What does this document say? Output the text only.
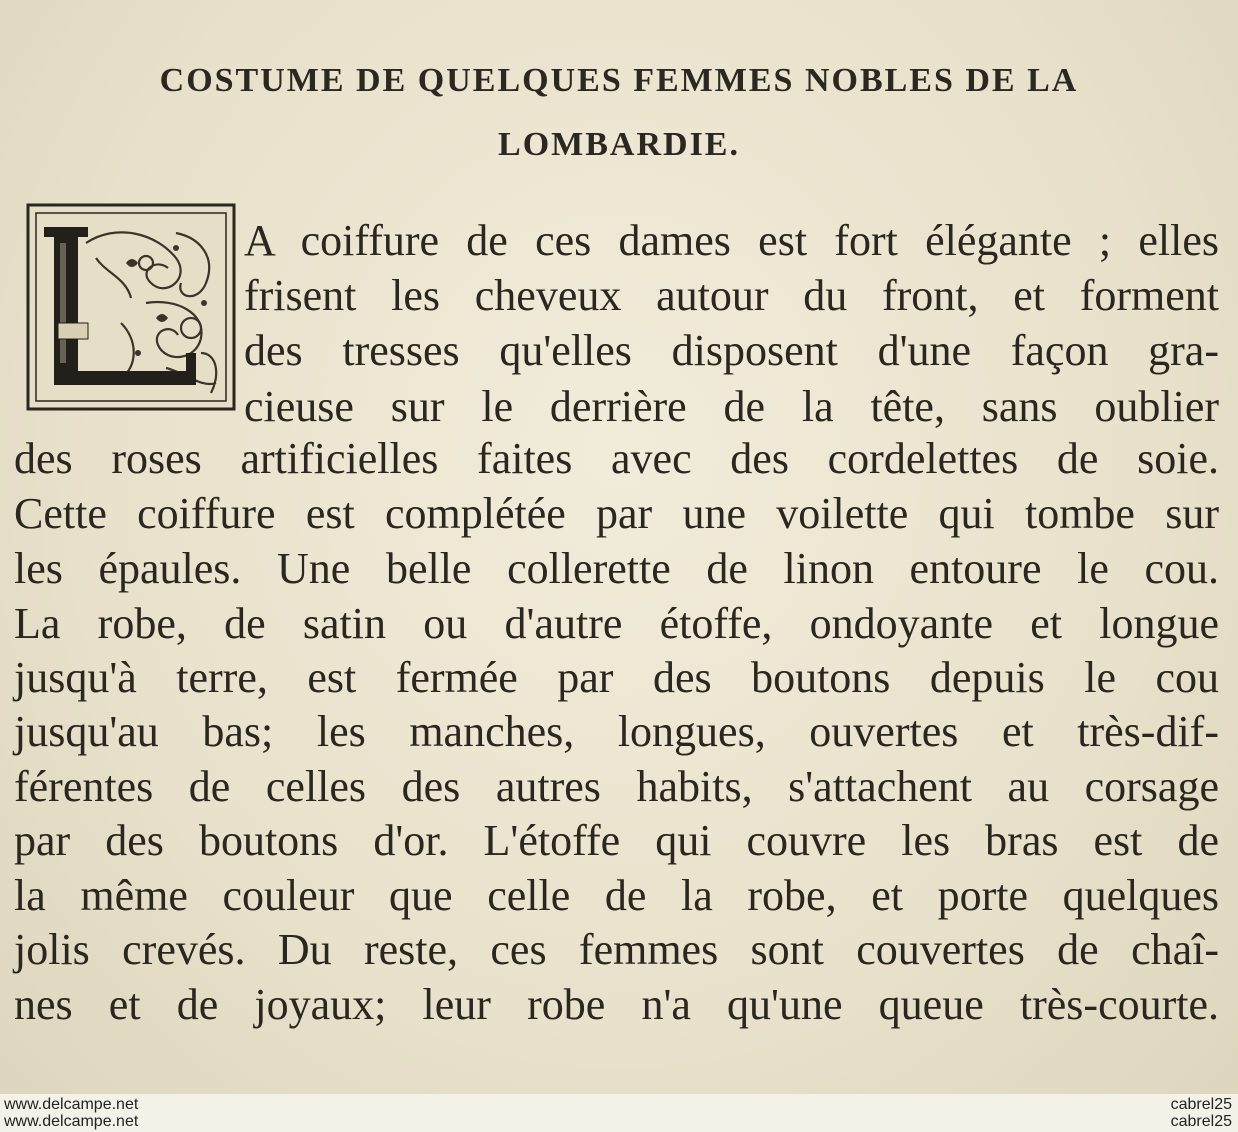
COSTUME DE QUELQUES FEMMES NOBLES DE LA
LOMBARDIE.
A coiffure de ces dames est fort élégante ; elles
frisent les cheveux autour du front, et forment
des tresses qu'elles disposent d'une façon gra-
cieuse sur le derrière de la tête, sans oublier
des roses artificielles faites avec des cordelettes de soie.
Cette coiffure est complétée par une voilette qui tombe sur
les épaules. Une belle collerette de linon entoure le cou.
La robe, de satin ou d'autre étoffe, ondoyante et longue
jusqu'à terre, est fermée par des boutons depuis le cou
jusqu'au bas; les manches, longues, ouvertes et très-dif-
férentes de celles des autres habits, s'attachent au corsage
par des boutons d'or. L'étoffe qui couvre les bras est de
la même couleur que celle de la robe, et porte quelques
jolis crevés. Du reste, ces femmes sont couvertes de chaî-
nes et de joyaux; leur robe n'a qu'une queue très-courte.
www.delcampe.net
www.delcampe.net
cabrel25
cabrel25
